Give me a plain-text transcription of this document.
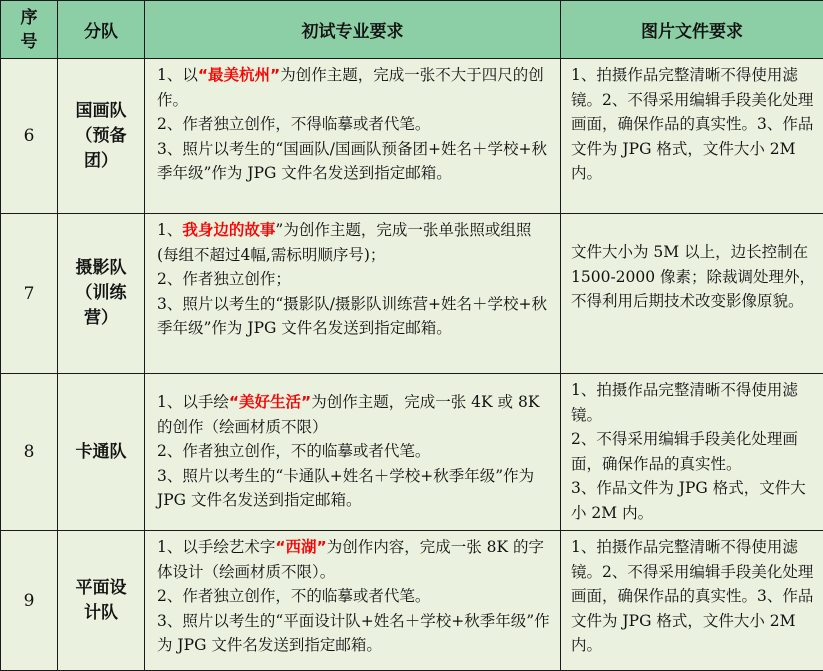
序
号	分队	初试专业要求	图片文件要求
6	国画队
（预备
团）	1、以“最美杭州”为创作主题，完成一张不大于四尺的创作。
2、作者独立创作，不得临摹或者代笔。
3、照片以考生的“国画队/国画队预备团+姓名＋学校+秋季年级”作为 JPG 文件名发送到指定邮箱。	1、拍摄作品完整清晰不得使用滤镜。2、不得采用编辑手段美化处理画面，确保作品的真实性。3、作品文件为 JPG 格式，文件大小 2M 内。

7	摄影队
（训练
营）	1、我身边的故事”为创作主题，完成一张单张照或组照(每组不超过4幅,需标明顺序号)；
2、作者独立创作；
3、照片以考生的“摄影队/摄影队训练营+姓名＋学校+秋季年级”作为 JPG 文件名发送到指定邮箱。	文件大小为 5M 以上，边长控制在 1500-2000 像素；除裁调处理外，不得利用后期技术改变影像原貌。

8	卡通队	1、以手绘“美好生活”为创作主题，完成一张 4K 或 8K 的创作（绘画材质不限）
2、作者独立创作，不的临摹或者代笔。
3、照片以考生的“卡通队+姓名＋学校+秋季年级”作为 JPG 文件名发送到指定邮箱。	1、拍摄作品完整清晰不得使用滤镜。
2、不得采用编辑手段美化处理画面，确保作品的真实性。
3、作品文件为 JPG 格式，文件大小 2M 内。

9	平面设
计队	1、以手绘艺术字“西湖”为创作内容，完成一张 8K 的字体设计（绘画材质不限）。
2、作者独立创作，不的临摹或者代笔。
3、照片以考生的“平面设计队+姓名＋学校+秋季年级”作为 JPG 文件名发送到指定邮箱。	1、拍摄作品完整清晰不得使用滤镜。2、不得采用编辑手段美化处理画面，确保作品的真实性。3、作品文件为 JPG 格式，文件大小 2M 内。
